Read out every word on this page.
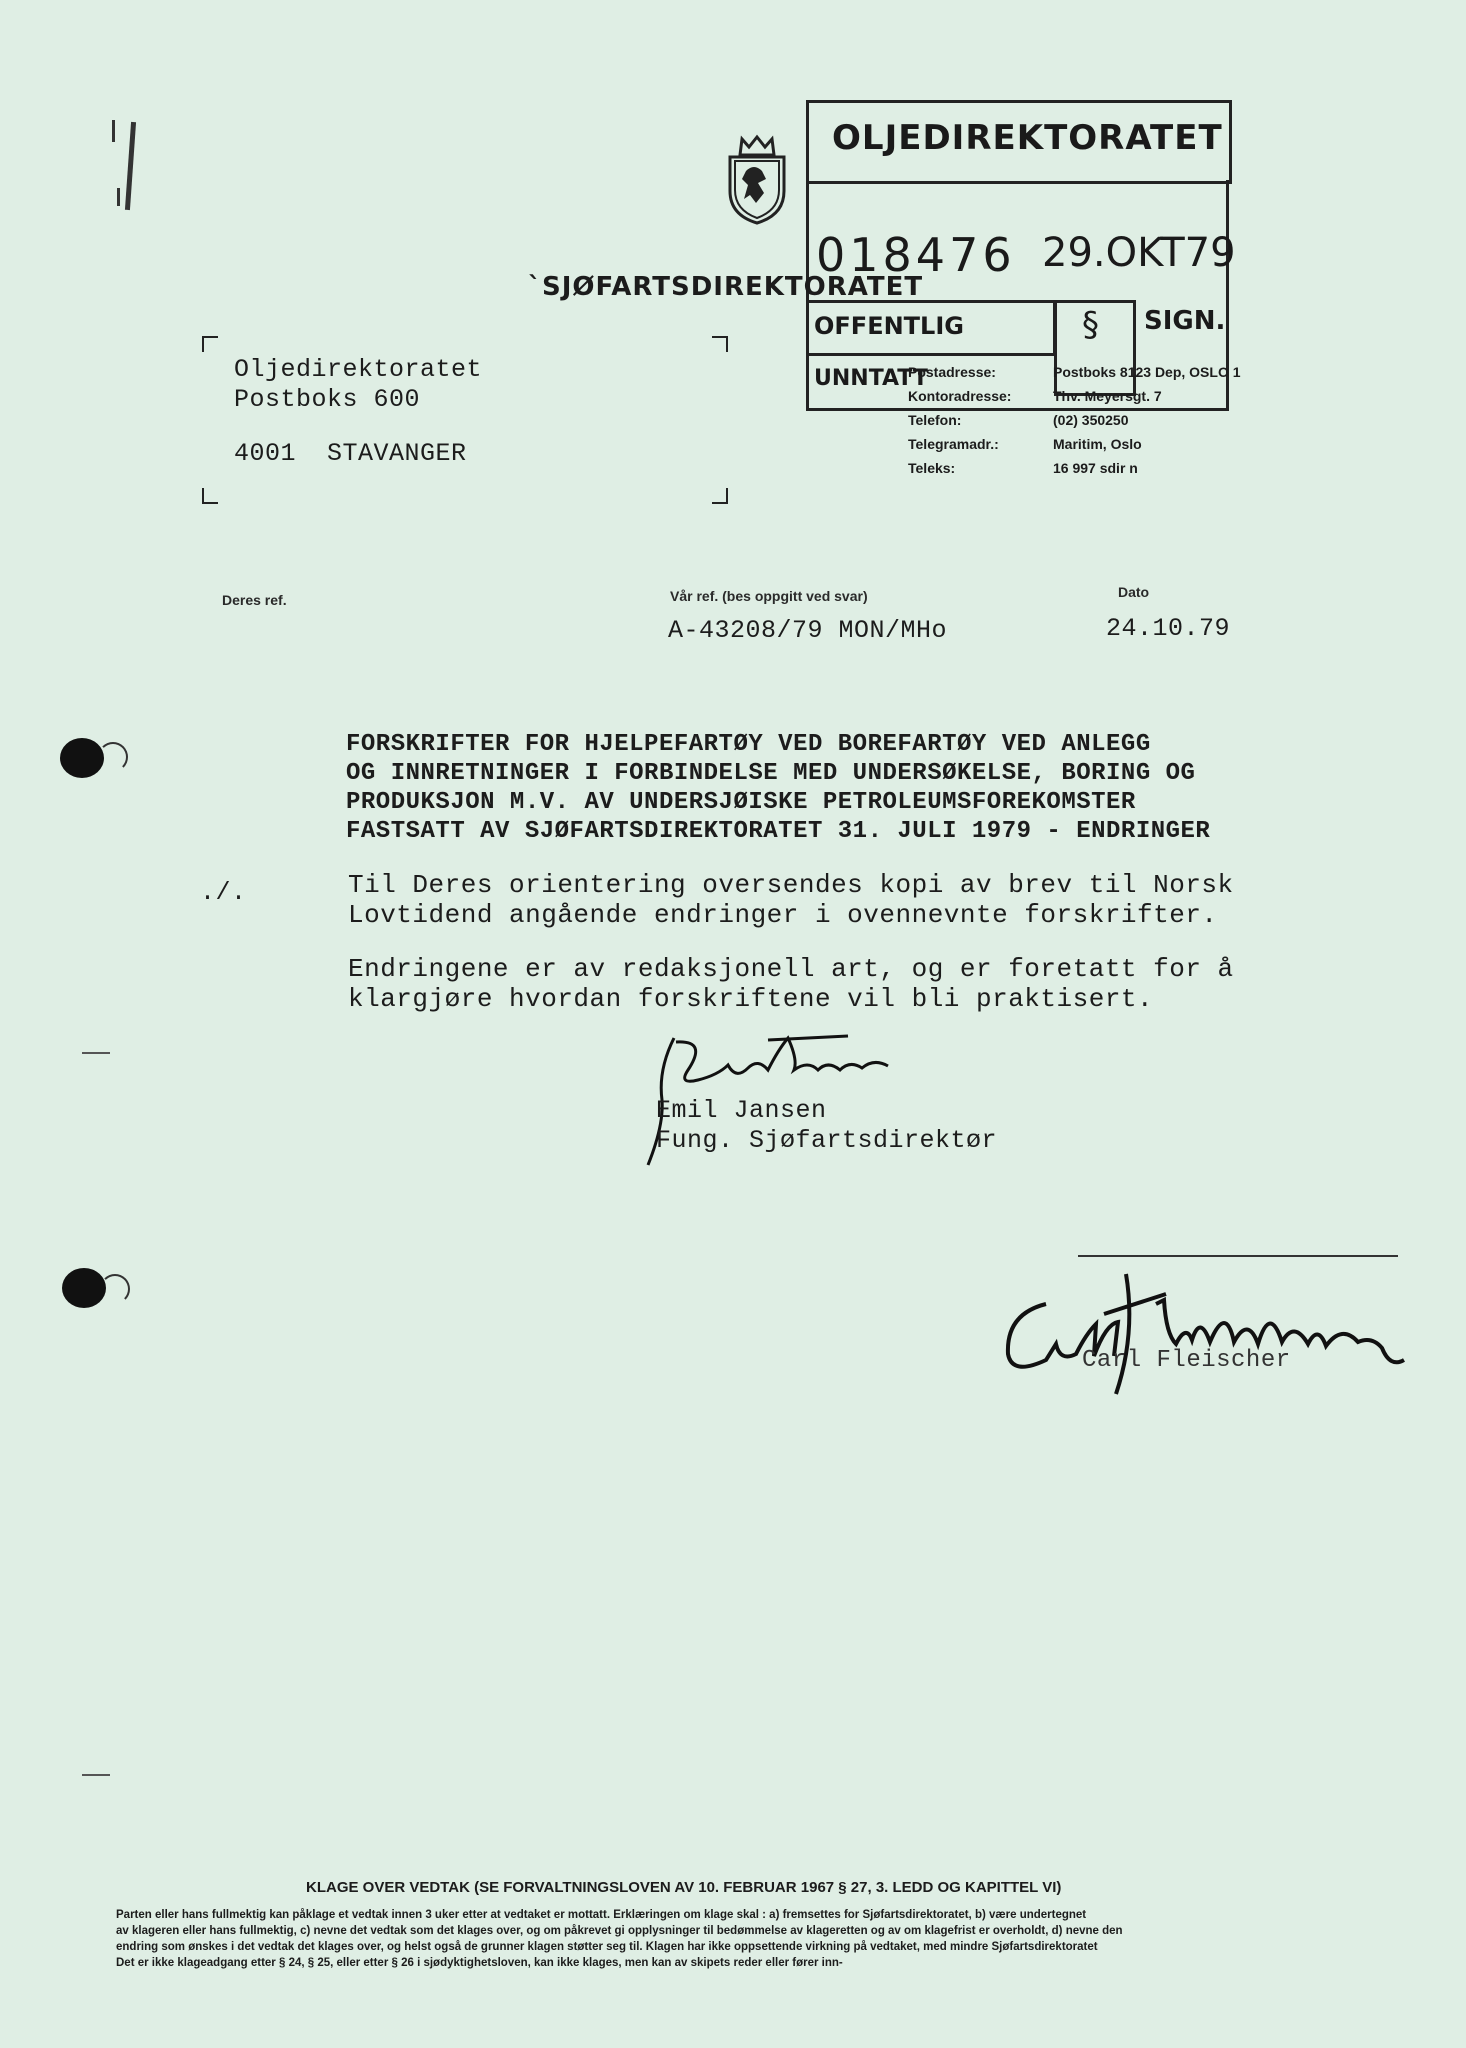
OLJEDIREKTORATET
018476 29.OKT79
OFFENTLIG	§ SIGN.
UNNTATT
`SJØFARTSDIREKTORATET
Postadresse:	Postboks 8123 Dep, OSLO 1
Kontoradresse:	Thv. Meyersgt. 7
Telefon:	(02) 350250
Telegramadr.:	Maritim, Oslo
Teleks:	16 997 sdir n
Oljedirektoratet
Postboks 600
4001  STAVANGER
Deres ref.	Vår ref. (bes oppgitt ved svar)
A-43208/79 MON/MHo
Dato
24.10.79
FORSKRIFTER FOR HJELPEFARTØY VED BOREFARTØY VED ANLEGG
OG INNRETNINGER I FORBINDELSE MED UNDERSØKELSE, BORING OG
PRODUKSJON M.V. AV UNDERSJØISKE PETROLEUMSFOREKOMSTER
FASTSATT AV SJØFARTSDIREKTORATET 31. JULI 1979 - ENDRINGER
./.	Til Deres orientering oversendes kopi av brev til Norsk
Lovtidend angående endringer i ovennevnte forskrifter.
Endringene er av redaksjonell art, og er foretatt for å
klargjøre hvordan forskriftene vil bli praktisert.
Emil Jansen
Fung. Sjøfartsdirektør
Carl Fleischer
KLAGE OVER VEDTAK (SE FORVALTNINGSLOVEN AV 10. FEBRUAR 1967 § 27, 3. LEDD OG KAPITTEL VI)
Parten eller hans fullmektig kan påklage et vedtak innen 3 uker etter at vedtaket er mottatt. Erklæringen om klage skal : a) fremsettes for Sjøfartsdirektoratet, b) være undertegnet
av klageren eller hans fullmektig, c) nevne det vedtak som det klages over, og om påkrevet gi opplysninger til bedømmelse av klageretten og av om klagefrist er overholdt, d) nevne den
endring som ønskes i det vedtak det klages over, og helst også de grunner klagen støtter seg til. Klagen har ikke oppsettende virkning på vedtaket, med mindre Sjøfartsdirektoratet
Det er ikke klageadgang etter § 24, § 25, eller etter § 26 i sjødyktighetsloven, kan ikke klages, men kan av skipets reder eller fører inn-
